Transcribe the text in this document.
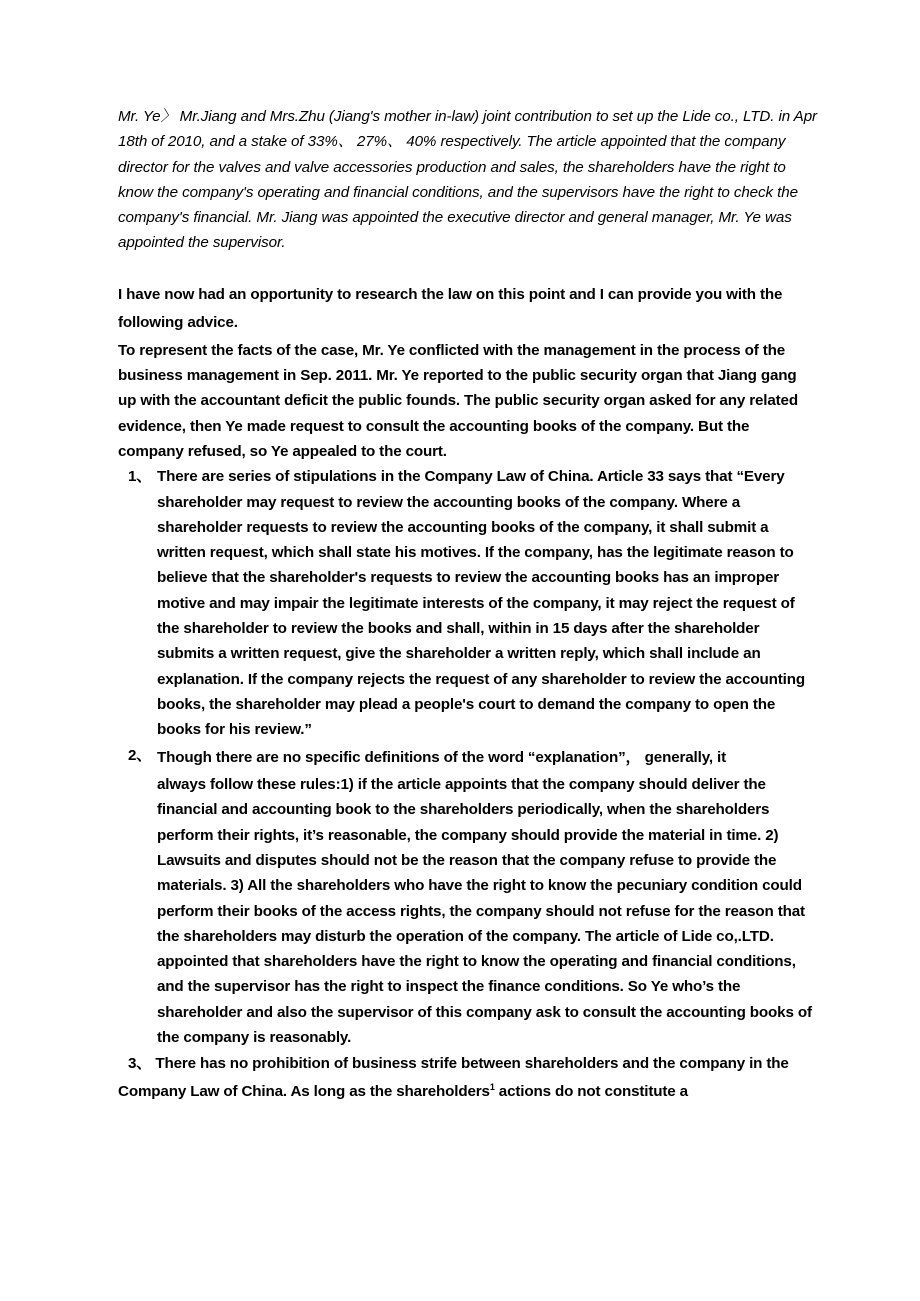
Mr. Ye〉 Mr.Jiang and Mrs.Zhu (Jiang's mother in-law) joint contribution to set up the Lide co., LTD. in Apr 18th of 2010, and a stake of 33%、 27%、 40% respectively. The article appointed that the company director for the valves and valve accessories production and sales, the shareholders have the right to know the company's operating and financial conditions, and the supervisors have the right to check the company's financial. Mr. Jiang was appointed the executive director and general manager, Mr. Ye was appointed the supervisor.

I have now had an opportunity to research the law on this point and I can provide you with the following advice.

To represent the facts of the case, Mr. Ye conflicted with the management in the process of the business management in Sep. 2011. Mr. Ye reported to the public security organ that Jiang gang up with the accountant deficit the public founds. The public security organ asked for any related evidence, then Ye made request to consult the accounting books of the company. But the company refused, so Ye appealed to the court.

1、 There are series of stipulations in the Company Law of China. Article 33 says that “Every shareholder may request to review the accounting books of the company. Where a shareholder requests to review the accounting books of the company, it shall submit a written request, which shall state his motives. If the company, has the legitimate reason to believe that the shareholder's requests to review the accounting books has an improper motive and may impair the legitimate interests of the company, it may reject the request of the shareholder to review the books and shall, within in 15 days after the shareholder submits a written request, give the shareholder a written reply, which shall include an explanation. If the company rejects the request of any shareholder to review the accounting books, the shareholder may plead a people's court to demand the company to open the books for his review.”
2、 Though there are no specific definitions of the word “explanation”， generally, it
always follow these rules:1) if the article appoints that the company should deliver the financial and accounting book to the shareholders periodically, when the shareholders perform their rights, it’s reasonable, the company should provide the material in time. 2) Lawsuits and disputes should not be the reason that the company refuse to provide the materials. 3) All the shareholders who have the right to know the pecuniary condition could perform their books of the access rights, the company should not refuse for the reason that the shareholders may disturb the operation of the company. The article of Lide co,.LTD. appointed that shareholders have the right to know the operating and financial conditions, and the supervisor has the right to inspect the finance conditions. So Ye who’s the shareholder and also the supervisor of this company ask to consult the accounting books of the company is reasonably.
3、 There has no prohibition of business strife between shareholders and the company in the Company Law of China. As long as the shareholders$^1$ actions do not constitute a
